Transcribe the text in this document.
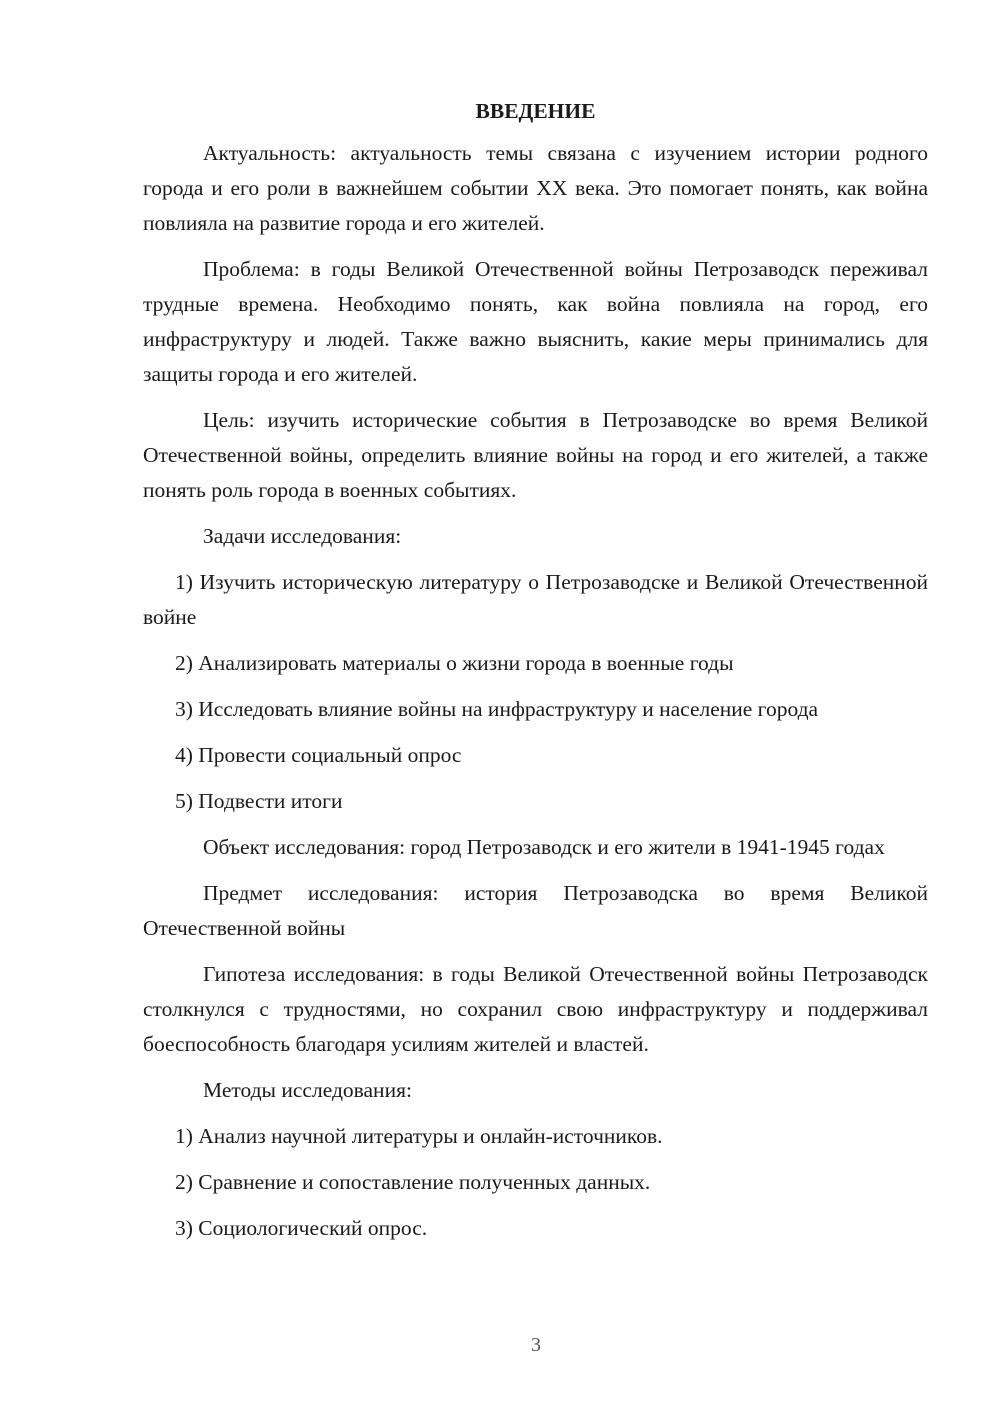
ВВЕДЕНИЕ

Актуальность: актуальность темы связана с изучением истории родного города и его роли в важнейшем событии XX века. Это помогает понять, как война повлияла на развитие города и его жителей.

Проблема: в годы Великой Отечественной войны Петрозаводск переживал трудные времена. Необходимо понять, как война повлияла на город, его инфраструктуру и людей. Также важно выяснить, какие меры принимались для защиты города и его жителей.

Цель: изучить исторические события в Петрозаводске во время Великой Отечественной войны, определить влияние войны на город и его жителей, а также понять роль города в военных событиях.

Задачи исследования:

1) Изучить историческую литературу о Петрозаводске и Великой Отечественной войне

2) Анализировать материалы о жизни города в военные годы

3) Исследовать влияние войны на инфраструктуру и население города

4) Провести социальный опрос

5) Подвести итоги

Объект исследования: город Петрозаводск и его жители в 1941-1945 годах

Предмет исследования: история Петрозаводска во время Великой Отечественной войны

Гипотеза исследования: в годы Великой Отечественной войны Петрозаводск столкнулся с трудностями, но сохранил свою инфраструктуру и поддерживал боеспособность благодаря усилиям жителей и властей.

Методы исследования:

1) Анализ научной литературы и онлайн-источников.

2) Сравнение и сопоставление полученных данных.

3) Социологический опрос.

3
